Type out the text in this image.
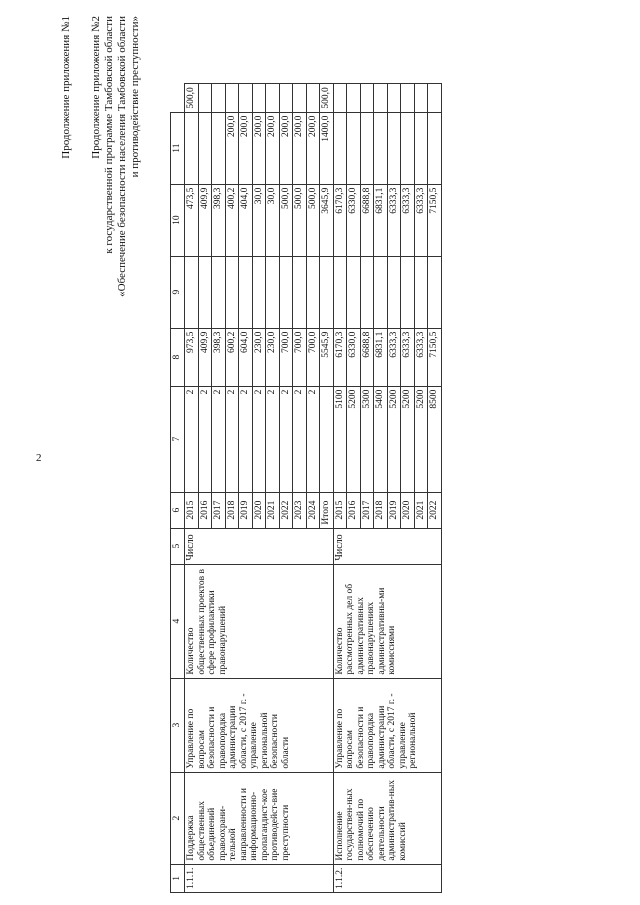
2
Продолжение приложения №1 Продолжение приложения №2 к государственной программе Тамбовской области «Обеспечение безопасности населения Тамбовской области и противодействие преступности»
1	2	3	4	5	6	7	8	9	10	11	
1.1.1.	Поддержка общественных объединений правоохрани-тельной направленности и информационно-пропагандист-кое противодейст-вие преступности	Управление по вопросам безопасности и правопорядка администрации области, с 2017 г. - управление региональной безопасности области	Количество общественных проектов в сфере профилактики правонарушений	Число	2015	2	973,5		473,5		500,0
					2016	2	409,9		409,9		
					2017	2	398,3		398,3		
					2018	2	600,2		400,2	200,0	
					2019	2	604,0		404,0	200,0	
					2020	2	230,0		30,0	200,0	
					2021	2	230,0		30,0	200,0	
					2022	2	700,0		500,0	200,0	
					2023	2	700,0		500,0	200,0	
					2024	2	700,0		500,0	200,0	
					Итого		5545,9		3645,9	1400,0	500,0
1.1.2.	Исполнение государствен-ных полномочий по обеспечению деятельности административ-ных комиссий	Управление по вопросам безопасности и правопорядка администрации области, с 2017 г. - управление региональной	Количество рассмотренных дел об административных правонарушениях административны-ми комиссиями	Число	2015	5100	6170,3		6170,3		
					2016	5200	6330,0		6330,0		
					2017	5300	6688,8		6688,8		
					2018	5400	6831,1		6831,1		
					2019	5200	6333,3		6333,3		
					2020	5200	6333,3		6333,3		
					2021	5200	6333,3		6333,3		
					2022	8500	7150,5		7150,5		
